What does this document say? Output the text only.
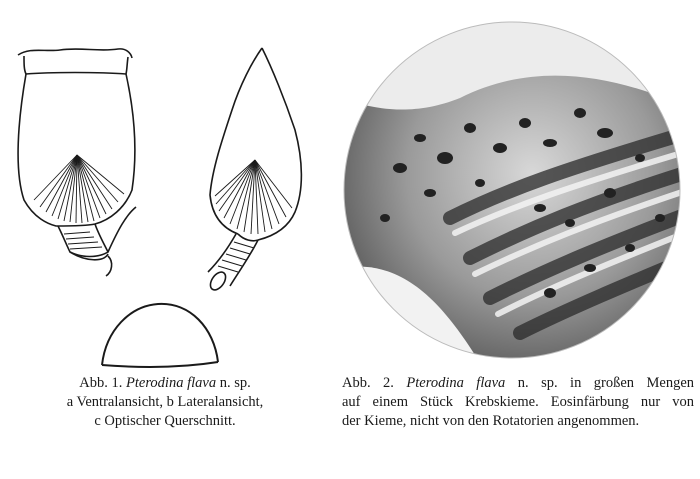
Abb. 1. Pterodina flava n. sp.
a Ventralansicht, b Lateralansicht,
c Optischer Querschnitt.
Abb. 2. Pterodina flava n. sp. in großen Mengen
auf einem Stück Krebskieme. Eosinfärbung nur von
der Kieme, nicht von den Rotatorien angenommen.
